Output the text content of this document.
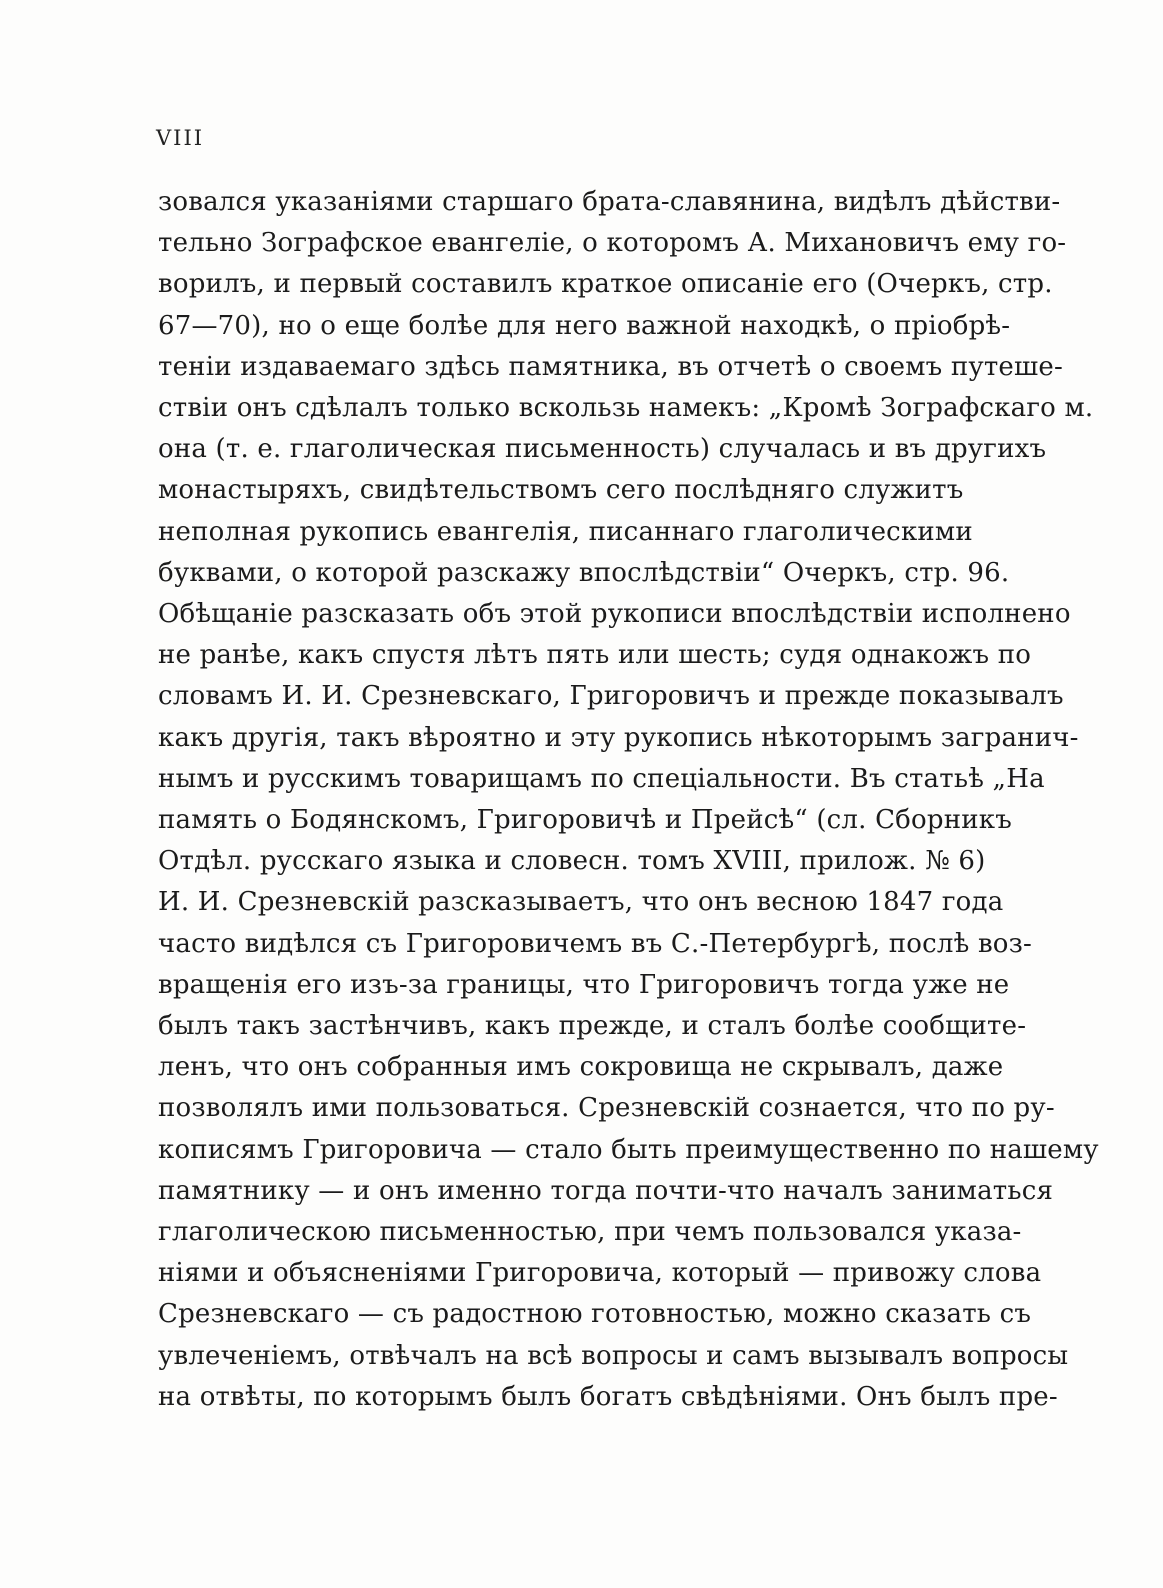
VIII
зовался указаніями старшаго брата-славянина, видѣлъ дѣйстви-
тельно Зографское евангеліе, о которомъ А. Михановичъ ему го-
ворилъ, и первый составилъ краткое описаніе его (Очеркъ, стр.
67—70), но о еще болѣе для него важной находкѣ, о пріобрѣ-
теніи издаваемаго здѣсь памятника, въ отчетѣ о своемъ путеше-
ствіи онъ сдѣлалъ только вскользь намекъ: „Кромѣ Зографскаго м.
она (т. е. глаголическая письменность) случалась и въ другихъ
монастыряхъ, свидѣтельствомъ сего послѣдняго служитъ
неполная рукопись евангелія, писаннаго глаголическими
буквами, о которой разскажу впослѣдствіи“ Очеркъ, стр. 96.
Обѣщаніе разсказать объ этой рукописи впослѣдствіи исполнено
не ранѣе, какъ спустя лѣтъ пять или шесть; судя однакожъ по
словамъ И. И. Срезневскаго, Григоровичъ и прежде показывалъ
какъ другія, такъ вѣроятно и эту рукопись нѣкоторымъ загранич-
нымъ и русскимъ товарищамъ по спеціальности. Въ статьѣ „На
память о Бодянскомъ, Григоровичѣ и Прейсѣ“ (сл. Сборникъ
Отдѣл. русскаго языка и словесн. томъ XVIII, прилож. № 6)
И. И. Срезневскій разсказываетъ, что онъ весною 1847 года
часто видѣлся съ Григоровичемъ въ С.-Петербургѣ, послѣ воз-
вращенія его изъ-за границы, что Григоровичъ тогда уже не
былъ такъ застѣнчивъ, какъ прежде, и сталъ болѣе сообщите-
ленъ, что онъ собранныя имъ сокровища не скрывалъ, даже
позволялъ ими пользоваться. Срезневскій сознается, что по ру-
кописямъ Григоровича — стало быть преимущественно по нашему
памятнику — и онъ именно тогда почти-что началъ заниматься
глаголическою письменностью, при чемъ пользовался указа-
ніями и объясненіями Григоровича, который — привожу слова
Срезневскаго — съ радостною готовностью, можно сказать съ
увлеченіемъ, отвѣчалъ на всѣ вопросы и самъ вызывалъ вопросы
на отвѣты, по которымъ былъ богатъ свѣдѣніями. Онъ былъ пре-
